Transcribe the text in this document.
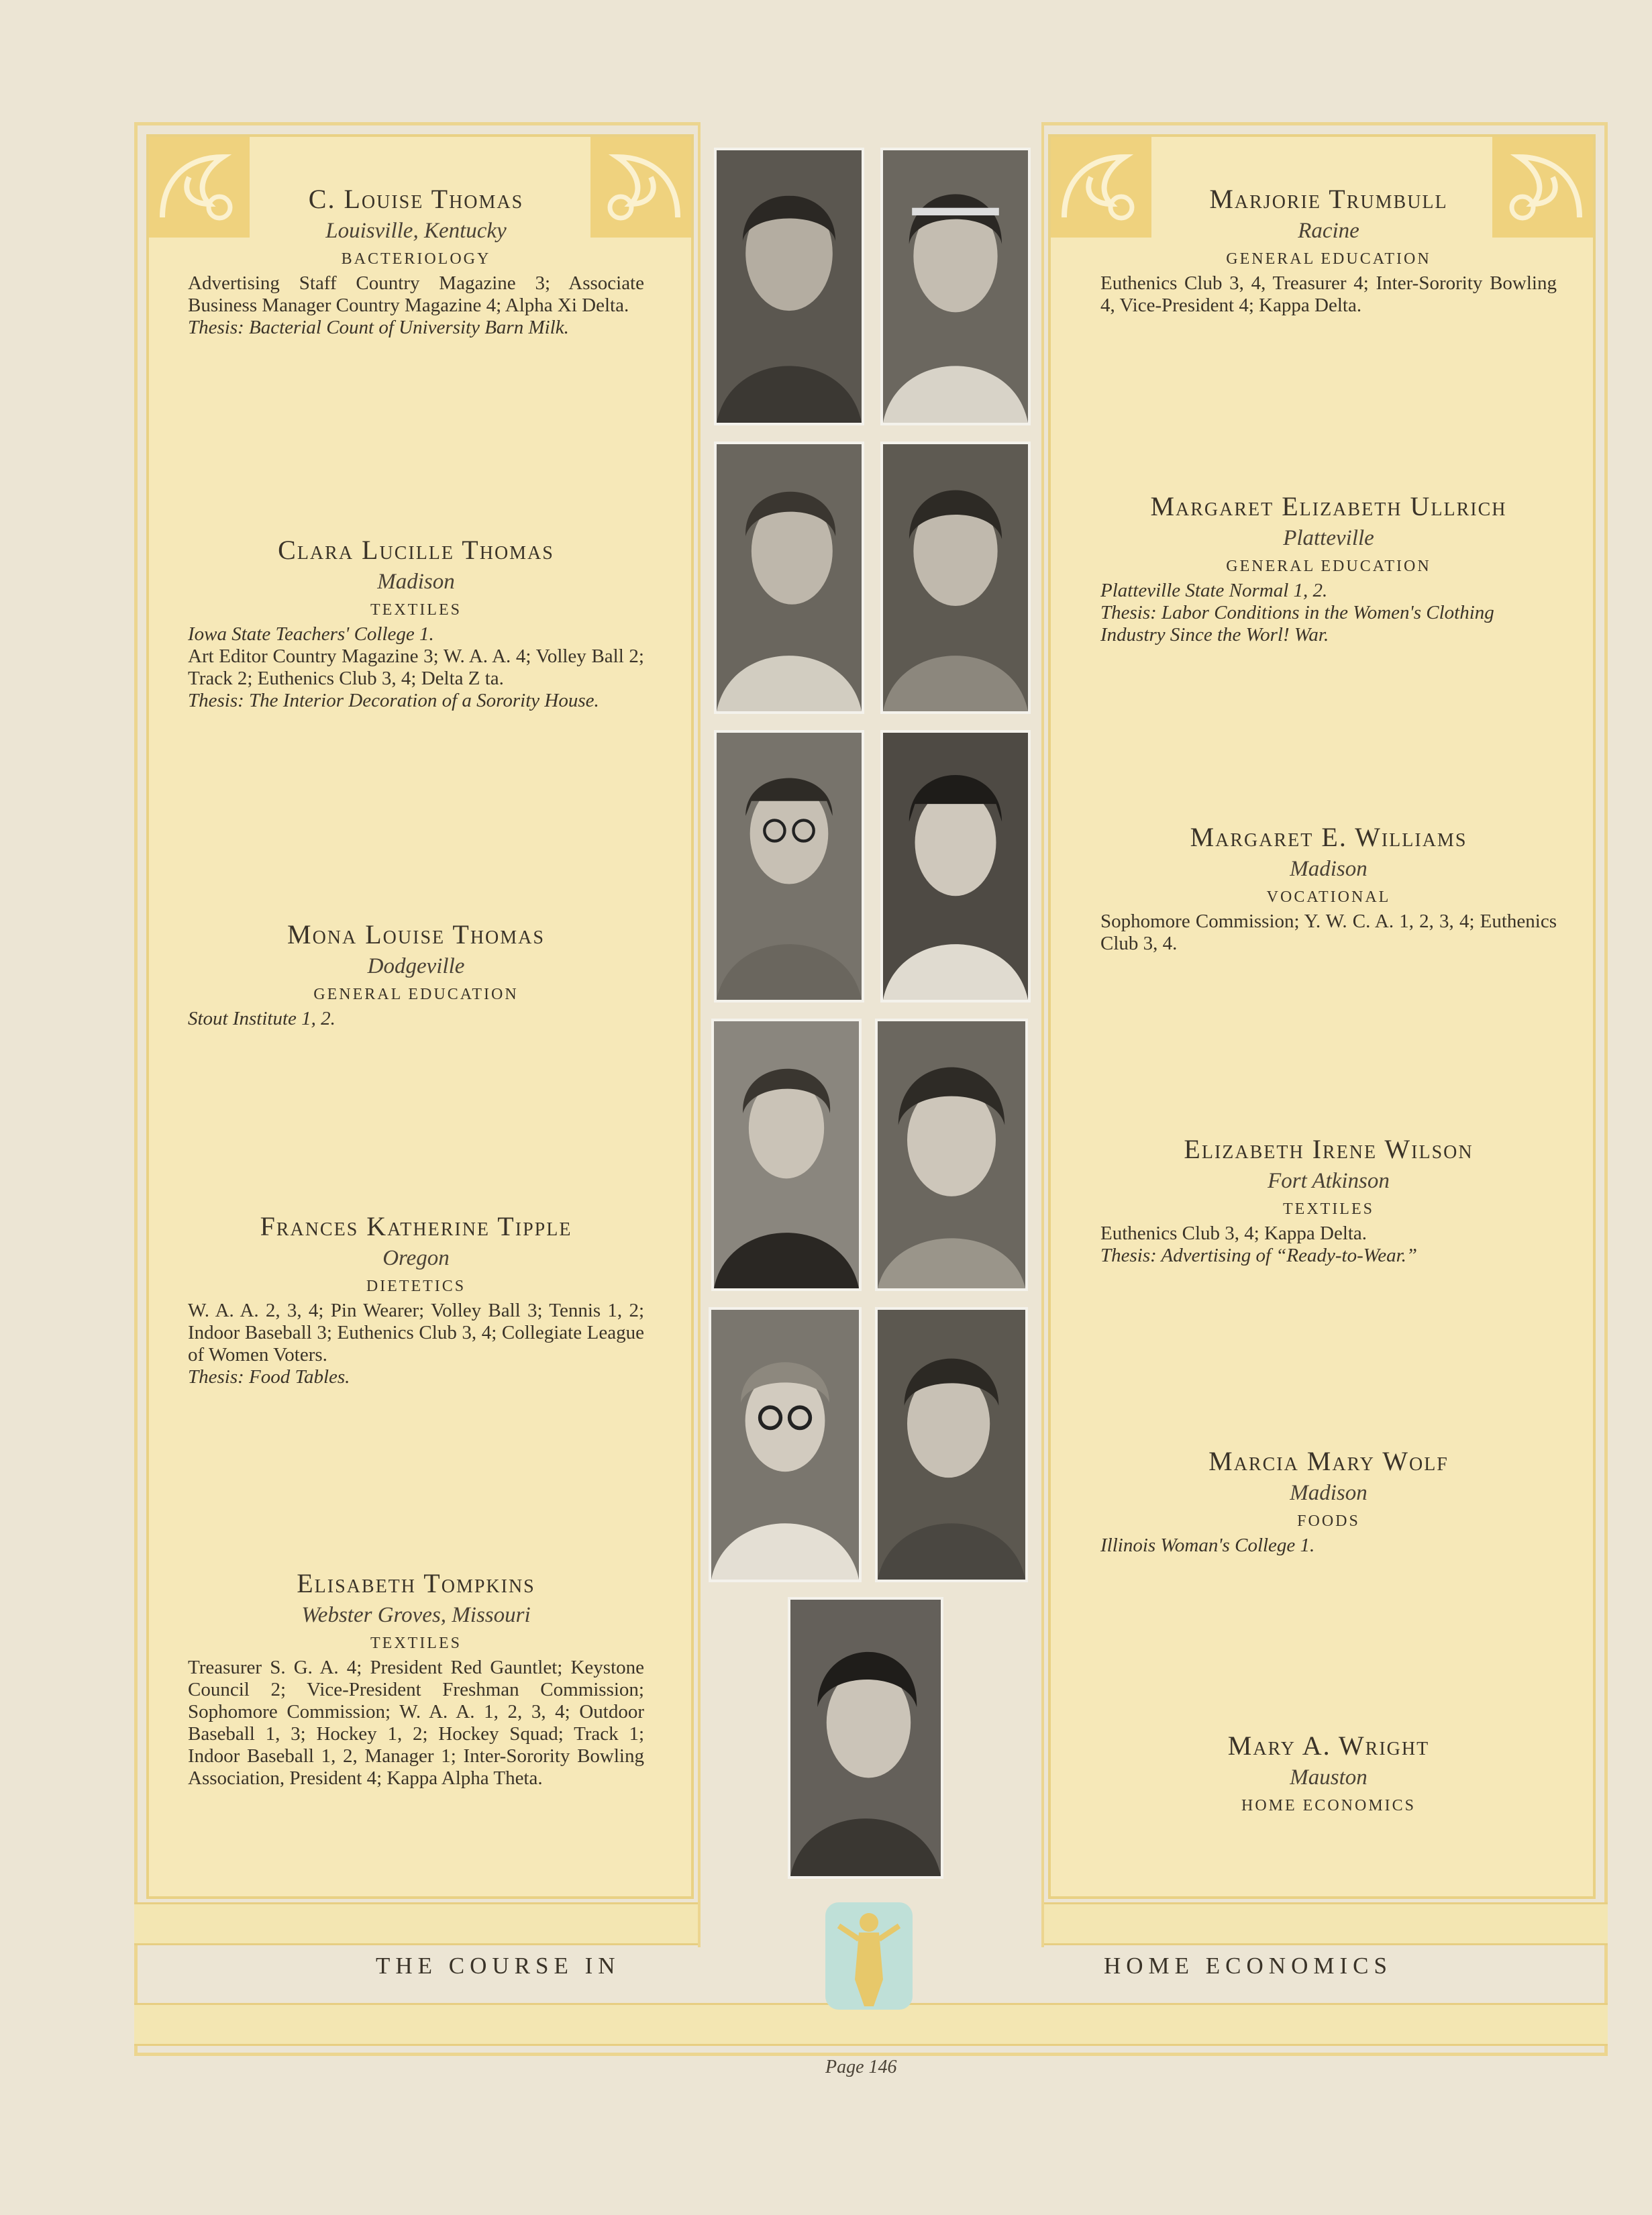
C. Louise Thomas
Louisville, Kentucky
BACTERIOLOGY
Advertising Staff Country Magazine 3; Associate Business Manager Country Magazine 4; Alpha Xi Delta.
Thesis: Bacterial Count of University Barn Milk.
Clara Lucille Thomas
Madison
TEXTILES
Iowa State Teachers' College 1.
Art Editor Country Magazine 3; W. A. A. 4; Volley Ball 2; Track 2; Euthenics Club 3, 4; Delta Z ta.
Thesis: The Interior Decoration of a Sorority House.
Mona Louise Thomas
Dodgeville
GENERAL EDUCATION
Stout Institute 1, 2.
Frances Katherine Tipple
Oregon
DIETETICS
W. A. A. 2, 3, 4; Pin Wearer; Volley Ball 3; Tennis 1, 2; Indoor Baseball 3; Euthenics Club 3, 4; Collegiate League of Women Voters.
Thesis: Food Tables.
Elisabeth Tompkins
Webster Groves, Missouri
TEXTILES
Treasurer S. G. A. 4; President Red Gauntlet; Keystone Council 2; Vice-President Freshman Commission; Sophomore Commission; W. A. A. 1, 2, 3, 4; Outdoor Baseball 1, 3; Hockey 1, 2; Hockey Squad; Track 1; Indoor Baseball 1, 2, Manager 1; Inter-Sorority Bowling Association, President 4; Kappa Alpha Theta.
Marjorie Trumbull
Racine
GENERAL EDUCATION
Euthenics Club 3, 4, Treasurer 4; Inter-Sorority Bowling 4, Vice-President 4; Kappa Delta.
Margaret Elizabeth Ullrich
Platteville
GENERAL EDUCATION
Platteville State Normal 1, 2.
Thesis: Labor Conditions in the Women's Clothing Industry Since the Worl! War.
Margaret E. Williams
Madison
VOCATIONAL
Sophomore Commission; Y. W. C. A. 1, 2, 3, 4; Euthenics Club 3, 4.
Elizabeth Irene Wilson
Fort Atkinson
TEXTILES
Euthenics Club 3, 4; Kappa Delta.
Thesis: Advertising of “Ready-to-Wear.”
Marcia Mary Wolf
Madison
FOODS
Illinois Woman's College 1.
Mary A. Wright
Mauston
HOME ECONOMICS
THE COURSE IN	HOME ECONOMICS
Page 146
